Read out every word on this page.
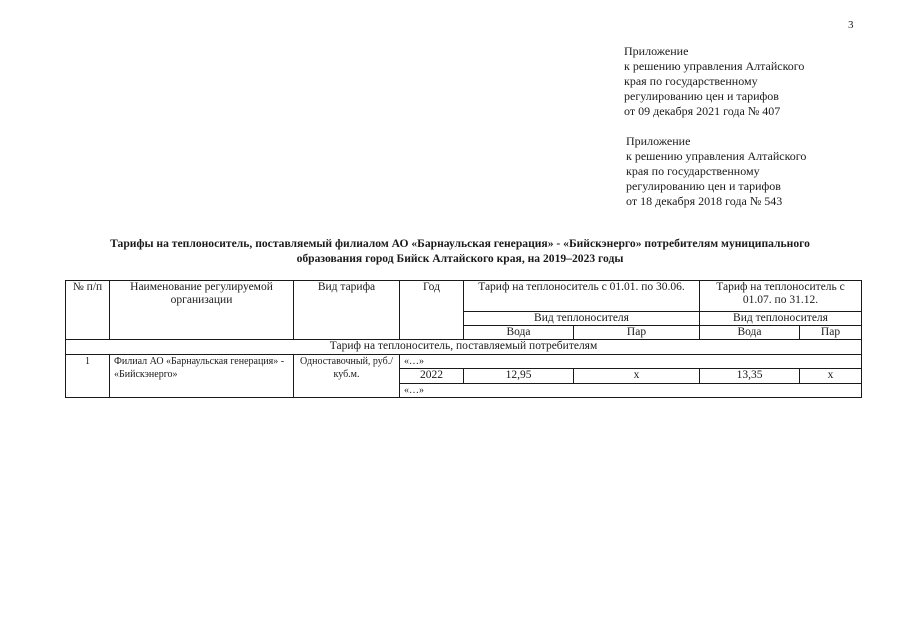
3
Приложение
к решению управления Алтайского
края по государственному
регулированию цен и тарифов
от 09 декабря 2021 года № 407
Приложение
к решению управления Алтайского
края по государственному
регулированию цен и тарифов
от 18 декабря 2018 года № 543
Тарифы на теплоноситель, поставляемый филиалом АО «Барнаульская генерация» - «Бийскэнерго» потребителям муниципального
образования город Бийск Алтайского края, на 2019–2023 годы
№ п/п	Наименование регулируемой организации	Вид тарифа	Год	Тариф на теплоноситель с 01.01. по 30.06.		Тариф на теплоноситель с 01.07. по 31.12.	
				Вид теплоносителя		Вид теплоносителя	
				Вода	Пар	Вода	Пар
Тариф на теплоноситель, поставляемый потребителям							
1	Филиал АО «Барнаульская генерация» - «Бийскэнерго»	Одноставочный, руб./куб.м.	«…»				
			2022	12,95	х	13,35	х
			«…»				
